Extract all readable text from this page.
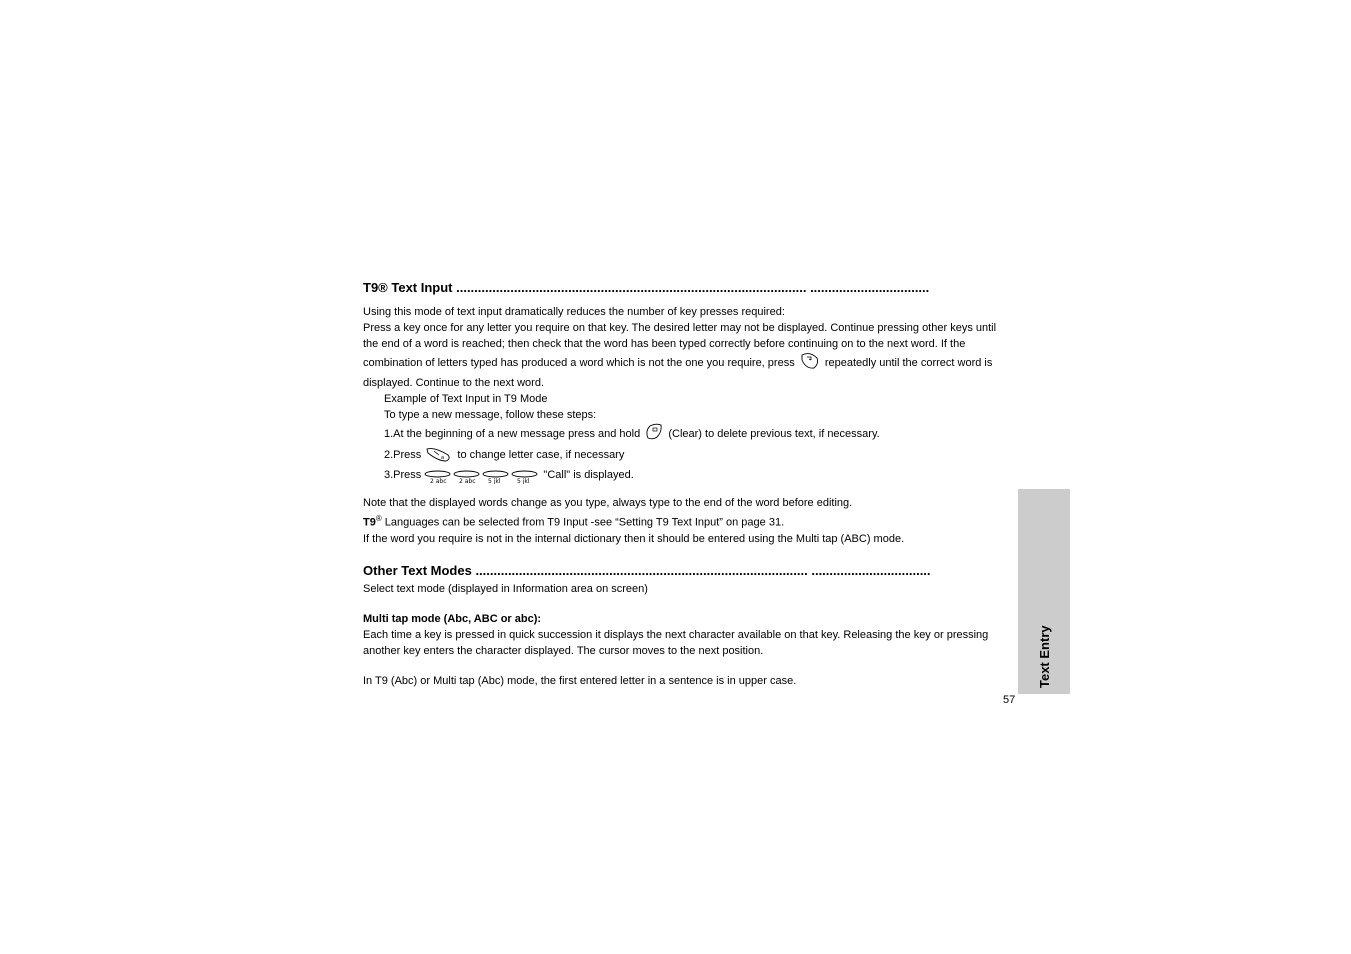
T9® Text Input ................................................................................................. .................................
Using this mode of text input dramatically reduces the number of key presses required:
Press a key once for any letter you require on that key. The desired letter may not be displayed. Continue pressing other keys until the end of a word is reached; then check that the word has been typed correctly before continuing on to the next word. If the combination of letters typed has produced a word which is not the one you require, press	repeatedly until the correct word is displayed. Continue to the next word.
Example of Text Input in T9 Mode
To type a new message, follow these steps:
1.At the beginning of a new message press and hold	(Clear) to delete previous text, if necessary.
2.Press	a to change letter case, if necessary
3.Press
2 abc 2 abc 5 jkl	5 jkl
"Call" is displayed.
Note that the displayed words change as you type, always type to the end of the word before editing.
T9® Languages can be selected from T9 Input -see “Setting T9 Text Input” on page 31.
If the word you require is not in the internal dictionary then it should be entered using the Multi tap (ABC) mode.
Other Text Modes ............................................................................................ .................................
Select text mode (displayed in Information area on screen)
Multi tap mode (Abc, ABC or abc):
Each time a key is pressed in quick succession it displays the next character available on that key. Releasing the key or pressing another key enters the character displayed. The cursor moves to the next position.
In T9 (Abc) or Multi tap (Abc) mode, the first entered letter in a sentence is in upper case.	Text Entry
57
